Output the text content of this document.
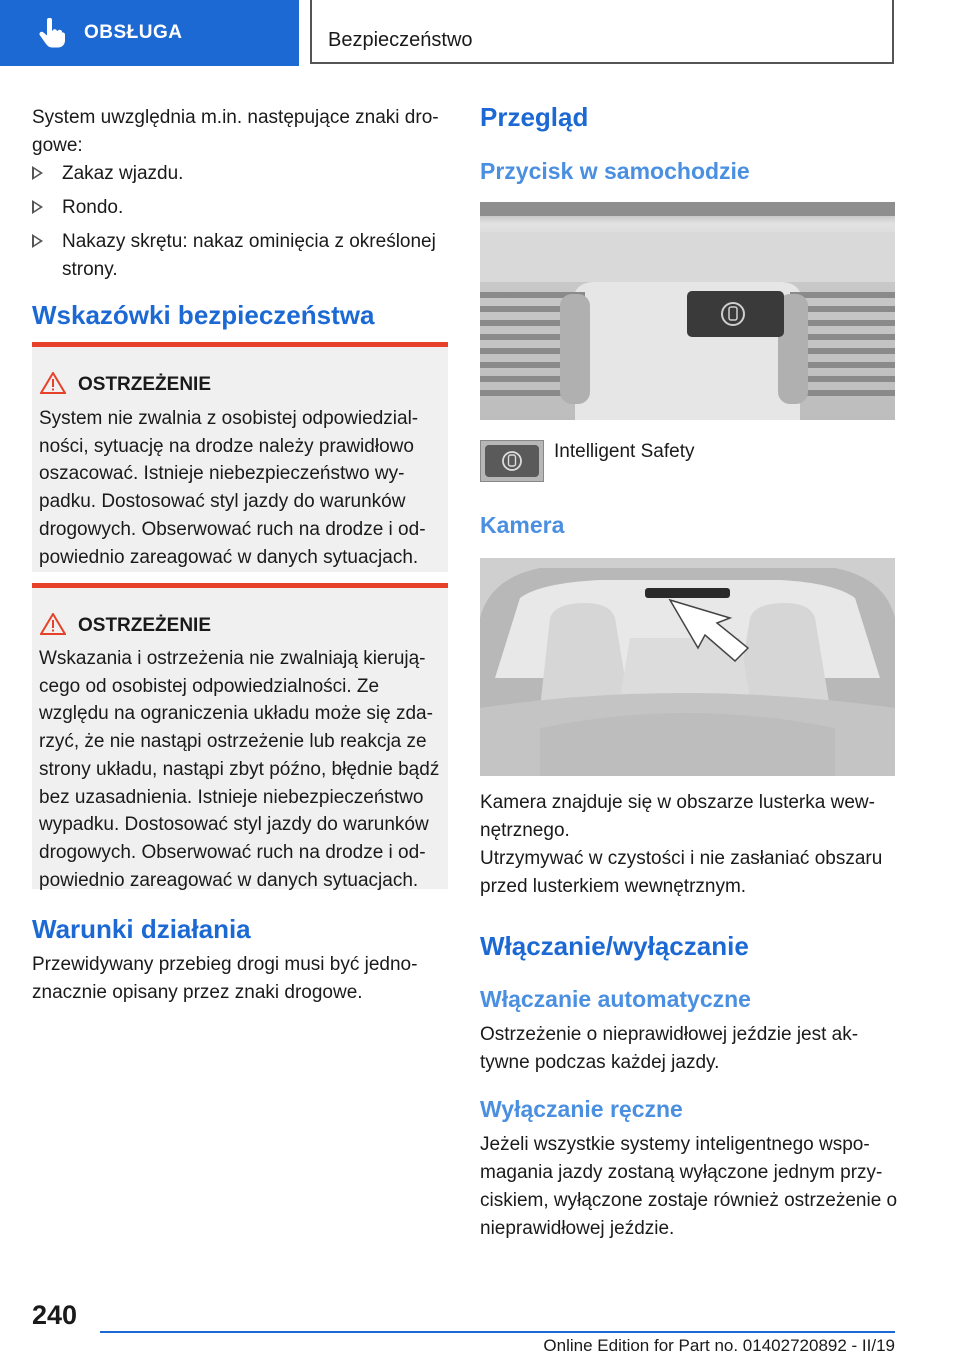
OBSŁUGA	Bezpieczeństwo
System uwzględnia m.in. następujące znaki dro-
gowe:
Zakaz wjazdu.
Rondo.
Nakazy skrętu: nakaz ominięcia z określonej
strony.
Wskazówki bezpieczeństwa
OSTRZEŻENIE
System nie zwalnia z osobistej odpowiedzial-
ności, sytuację na drodze należy prawidłowo
oszacować. Istnieje niebezpieczeństwo wy-
padku. Dostosować styl jazdy do warunków
drogowych. Obserwować ruch na drodze i od-
powiednio zareagować w danych sytuacjach.
OSTRZEŻENIE
Wskazania i ostrzeżenia nie zwalniają kierują-
cego od osobistej odpowiedzialności. Ze
względu na ograniczenia układu może się zda-
rzyć, że nie nastąpi ostrzeżenie lub reakcja ze
strony układu, nastąpi zbyt późno, błędnie bądź
bez uzasadnienia. Istnieje niebezpieczeństwo
wypadku. Dostosować styl jazdy do warunków
drogowych. Obserwować ruch na drodze i od-
powiednio zareagować w danych sytuacjach.
Warunki działania
Przewidywany przebieg drogi musi być jedno-
znacznie opisany przez znaki drogowe.
Przegląd
Przycisk w samochodzie
Intelligent Safety
Kamera
Kamera znajduje się w obszarze lusterka wew-
nętrznego.
Utrzymywać w czystości i nie zasłaniać obszaru
przed lusterkiem wewnętrznym.
Włączanie/wyłączanie
Włączanie automatyczne
Ostrzeżenie o nieprawidłowej jeździe jest ak-
tywne podczas każdej jazdy.
Wyłączanie ręczne
Jeżeli wszystkie systemy inteligentnego wspo-
magania jazdy zostaną wyłączone jednym przy-
ciskiem, wyłączone zostaje również ostrzeżenie o
nieprawidłowej jeździe.
240
Online Edition for Part no. 01402720892 - II/19
